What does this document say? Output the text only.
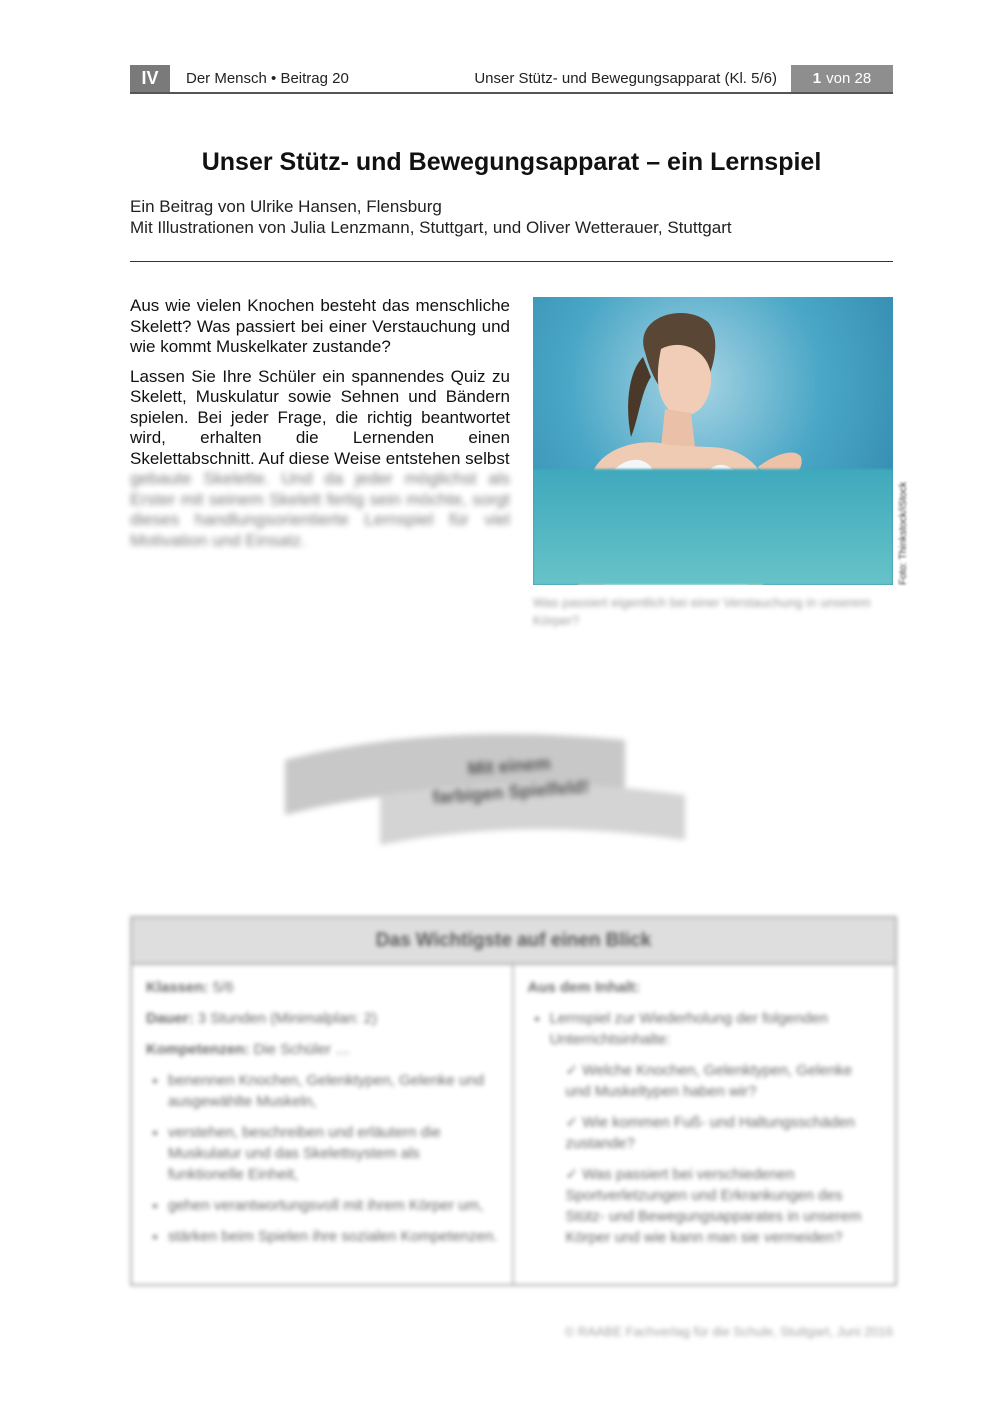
IV	Der Mensch • Beitrag 20	Unser Stütz- und Bewegungsapparat (Kl. 5/6) 1 von 28
Unser Stütz- und Bewegungsapparat – ein Lernspiel
Ein Beitrag von Ulrike Hansen, Flensburg
Mit Illustrationen von Julia Lenzmann, Stuttgart, und Oliver Wetterauer, Stuttgart

Aus wie vielen Knochen besteht das menschliche Skelett? Was passiert bei einer Verstauchung und wie kommt Muskelkater zustande?

Lassen Sie Ihre Schüler ein spannendes Quiz zu Skelett, Muskulatur sowie Sehnen und Bändern spielen. Bei jeder Frage, die richtig beantwortet wird, erhalten die Lernenden einen Skelettabschnitt. Auf diese Weise entstehen selbst

gebaute Skelette. Und da jeder möglichst als Erster mit seinem Skelett fertig sein möchte, sorgt dieses handlungsorientierte Lernspiel für viel Motivation und Einsatz.	Foto: Thinkstock/iStock
Was passiert eigentlich bei einer Verstauchung in unserem Körper?
Mit einem
farbigen Spielfeld!
Das Wichtigste auf einen Blick

Klassen: 5/6

Dauer: 3 Stunden (Minimalplan: 2)

Kompetenzen: Die Schüler …

• benennen Knochen, Gelenktypen, Gelenke und ausgewählte Muskeln,
• verstehen, beschreiben und erläutern die Muskulatur und das Skelettsystem als funktionelle Einheit,
• gehen verantwortungsvoll mit ihrem Körper um,
• stärken beim Spielen ihre sozialen Kompetenzen.

Aus dem Inhalt:

• Lernspiel zur Wiederholung der folgenden Unterrichtsinhalte:

✓ Welche Knochen, Gelenktypen, Gelenke und Muskeltypen haben wir?

✓ Wie kommen Fuß- und Haltungsschäden zustande?

✓ Was passiert bei verschiedenen Sportverletzungen und Erkrankungen des Stütz- und Bewegungsapparates in unserem Körper und wie kann man sie vermeiden?

© RAABE Fachverlag für die Schule, Stuttgart, Juni 2016
